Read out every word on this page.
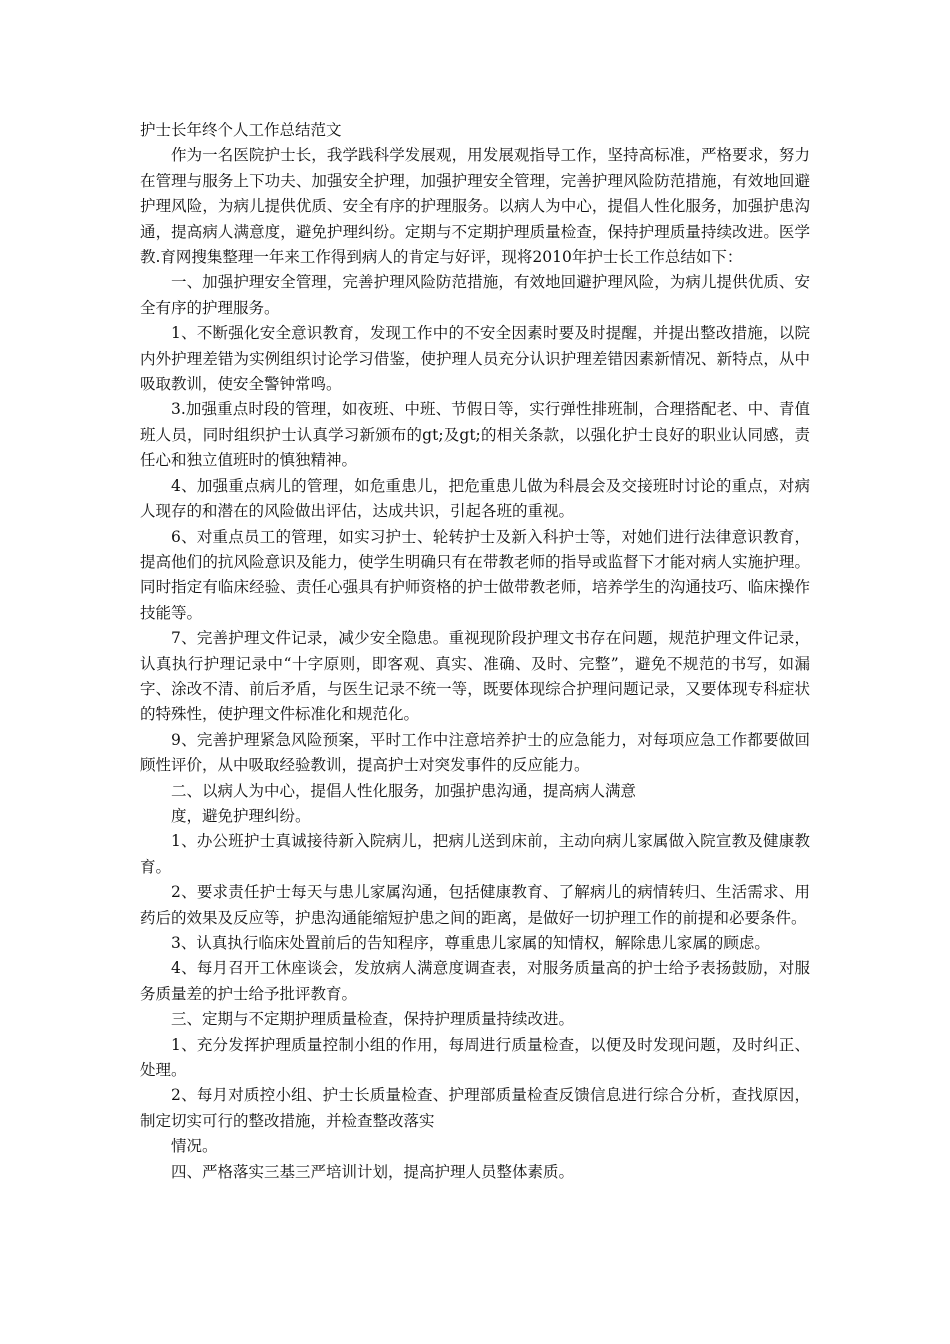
护士长年终个人工作总结范文

作为一名医院护士长，我学践科学发展观，用发展观指导工作，坚持高标准，严格要求，努力在管理与服务上下功夫、加强安全护理，加强护理安全管理，完善护理风险防范措施，有效地回避护理风险，为病儿提供优质、安全有序的护理服务。以病人为中心，提倡人性化服务，加强护患沟通，提高病人满意度，避免护理纠纷。定期与不定期护理质量检查，保持护理质量持续改进。医学教.育网搜集整理一年来工作得到病人的肯定与好评，现将2010年护士长工作总结如下：

一、加强护理安全管理，完善护理风险防范措施，有效地回避护理风险，为病儿提供优质、安全有序的护理服务。

1、不断强化安全意识教育，发现工作中的不安全因素时要及时提醒，并提出整改措施，以院内外护理差错为实例组织讨论学习借鉴，使护理人员充分认识护理差错因素新情况、新特点，从中吸取教训，使安全警钟常鸣。

3.加强重点时段的管理，如夜班、中班、节假日等，实行弹性排班制，合理搭配老、中、青值班人员，同时组织护士认真学习新颁布的gt;及gt;的相关条款，以强化护士良好的职业认同感，责任心和独立值班时的慎独精神。

4、加强重点病儿的管理，如危重患儿，把危重患儿做为科晨会及交接班时讨论的重点，对病人现存的和潜在的风险做出评估，达成共识，引起各班的重视。

6、对重点员工的管理，如实习护士、轮转护士及新入科护士等，对她们进行法律意识教育，提高他们的抗风险意识及能力，使学生明确只有在带教老师的指导或监督下才能对病人实施护理。同时指定有临床经验、责任心强具有护师资格的护士做带教老师，培养学生的沟通技巧、临床操作技能等。

7、完善护理文件记录，减少安全隐患。重视现阶段护理文书存在问题，规范护理文件记录，认真执行护理记录中“十字原则，即客观、真实、准确、及时、完整”，避免不规范的书写，如漏字、涂改不清、前后矛盾，与医生记录不统一等，既要体现综合护理问题记录，又要体现专科症状的特殊性，使护理文件标准化和规范化。

9、完善护理紧急风险预案，平时工作中注意培养护士的应急能力，对每项应急工作都要做回顾性评价，从中吸取经验教训，提高护士对突发事件的反应能力。

二、以病人为中心，提倡人性化服务，加强护患沟通，提高病人满意

度，避免护理纠纷。

1、办公班护士真诚接待新入院病儿，把病儿送到床前，主动向病儿家属做入院宣教及健康教育。

2、要求责任护士每天与患儿家属沟通，包括健康教育、了解病儿的病情转归、生活需求、用药后的效果及反应等，护患沟通能缩短护患之间的距离，是做好一切护理工作的前提和必要条件。

3、认真执行临床处置前后的告知程序，尊重患儿家属的知情权，解除患儿家属的顾虑。

4、每月召开工休座谈会，发放病人满意度调查表，对服务质量高的护士给予表扬鼓励，对服务质量差的护士给予批评教育。

三、定期与不定期护理质量检查，保持护理质量持续改进。

1、充分发挥护理质量控制小组的作用，每周进行质量检查，以便及时发现问题，及时纠正、处理。

2、每月对质控小组、护士长质量检查、护理部质量检查反馈信息进行综合分析，查找原因，制定切实可行的整改措施，并检查整改落实

情况。

四、严格落实三基三严培训计划，提高护理人员整体素质。
